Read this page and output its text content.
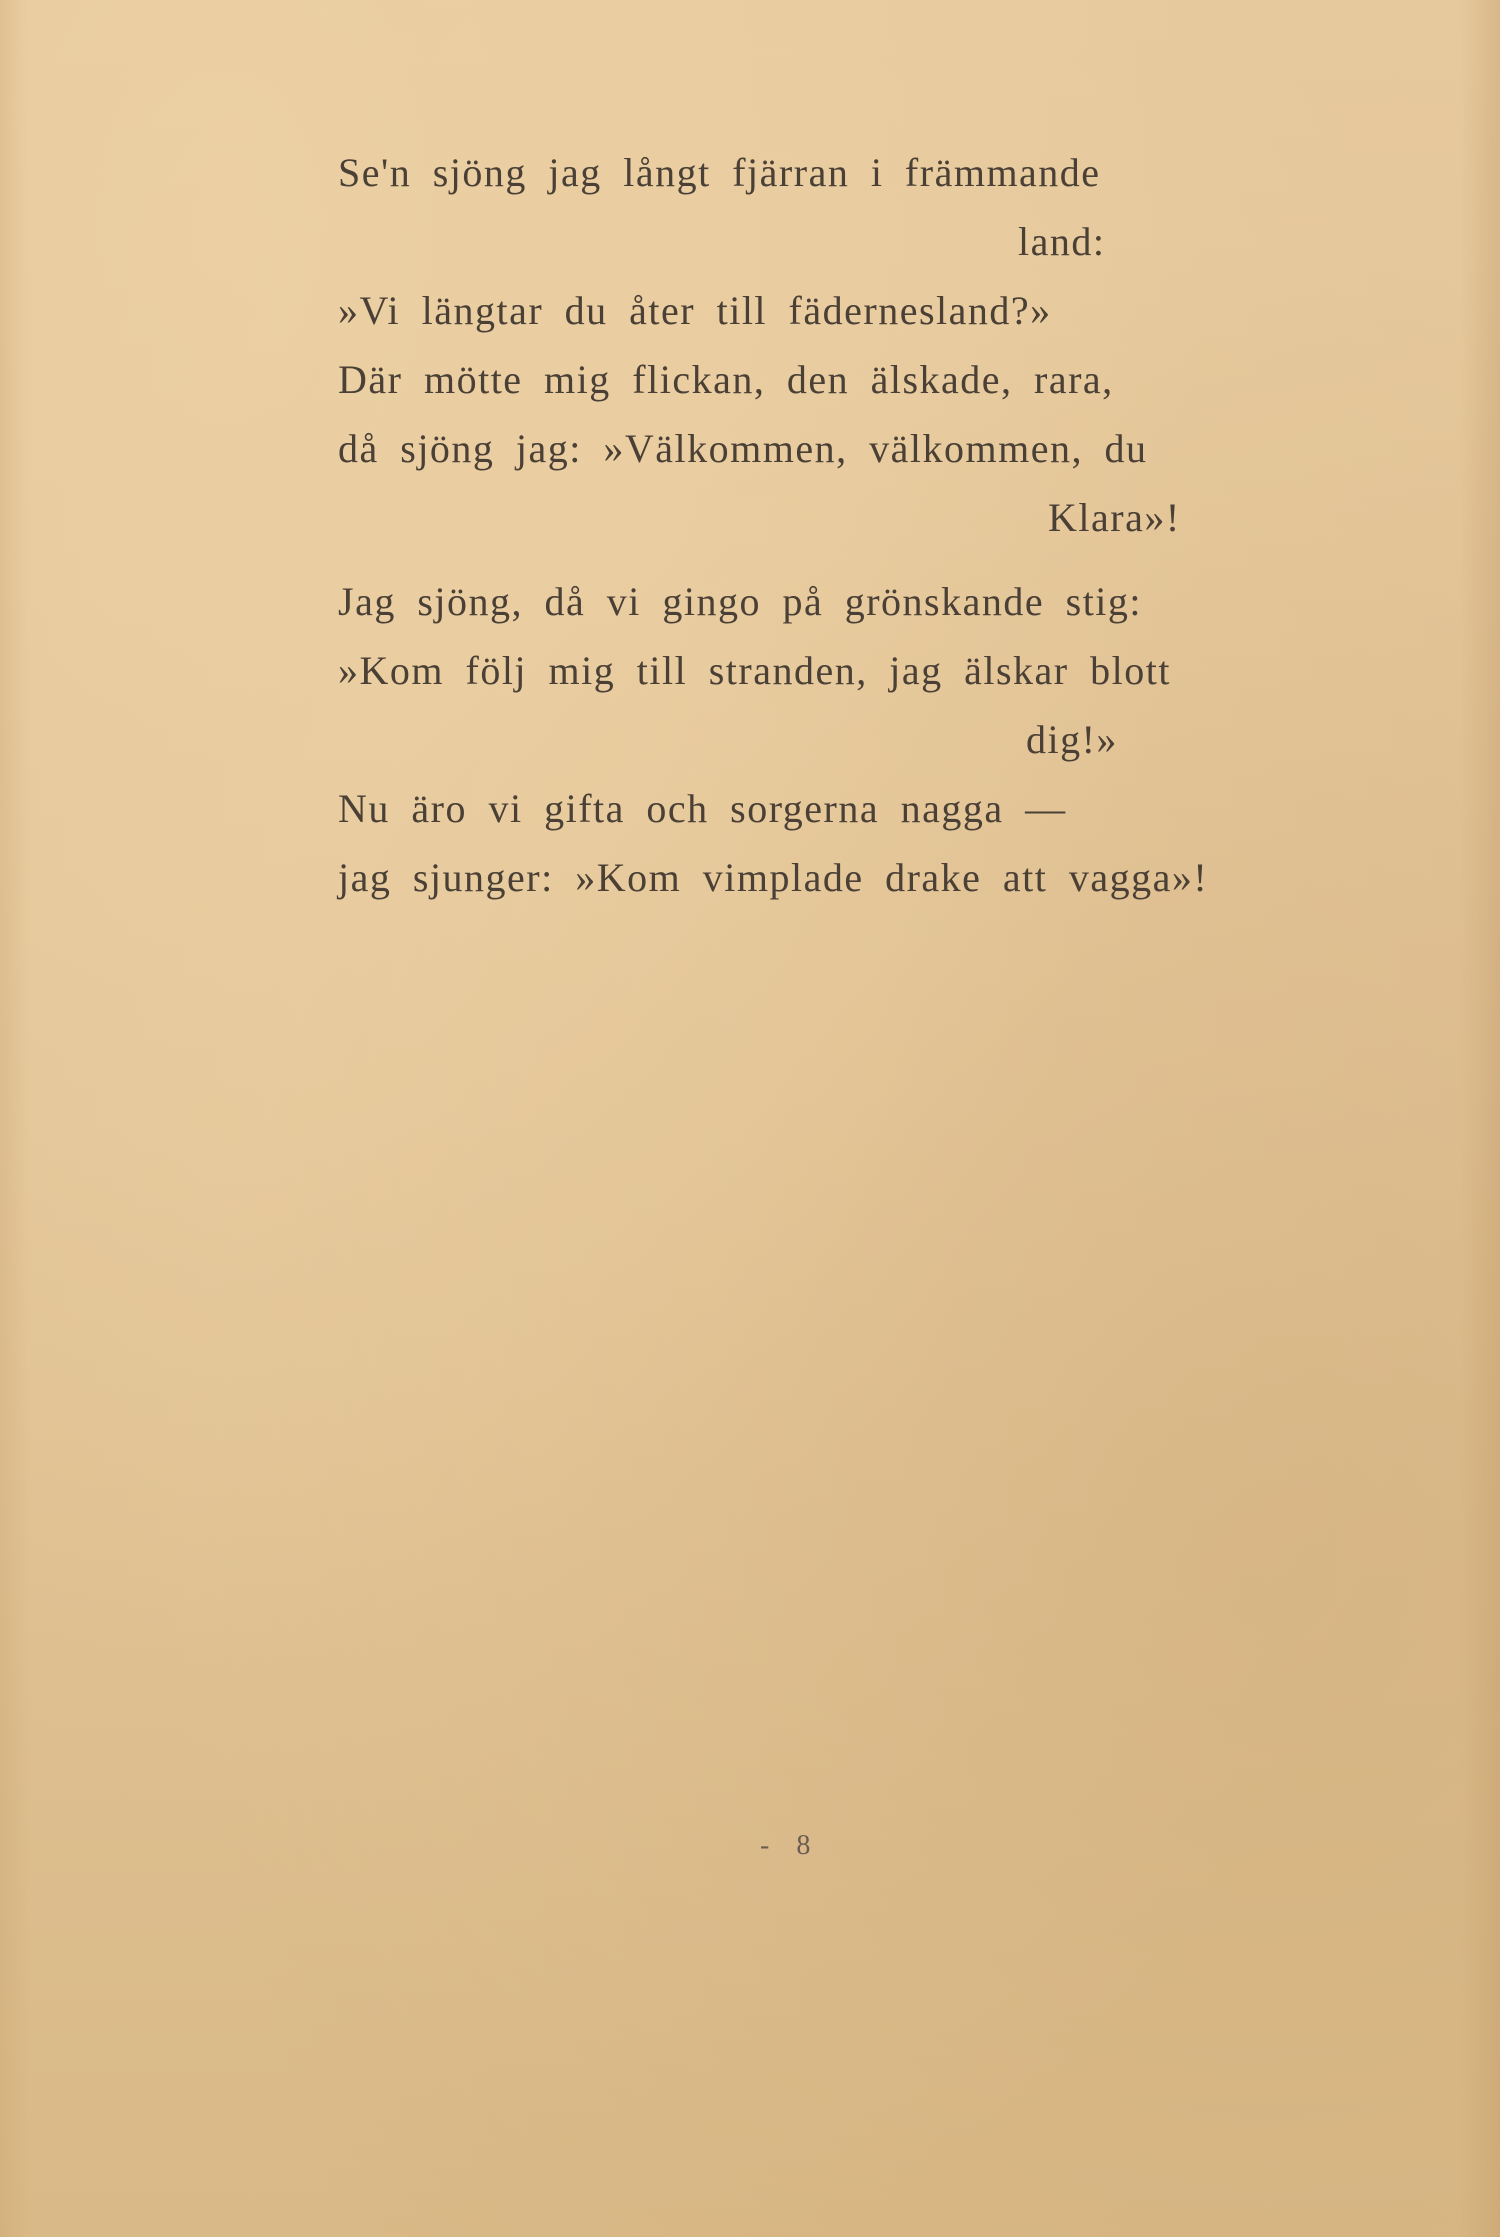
Se'n sjöng jag långt fjärran i främmande
land:
»Vi längtar du åter till fädernesland?»
Där mötte mig flickan, den älskade, rara,
då sjöng jag: »Välkommen, välkommen, du
Klara»!
Jag sjöng, då vi gingo på grönskande stig:
»Kom följ mig till stranden, jag älskar blott
dig!»
Nu äro vi gifta och sorgerna nagga —
jag sjunger: »Kom vimplade drake att vagga»!
- 8
